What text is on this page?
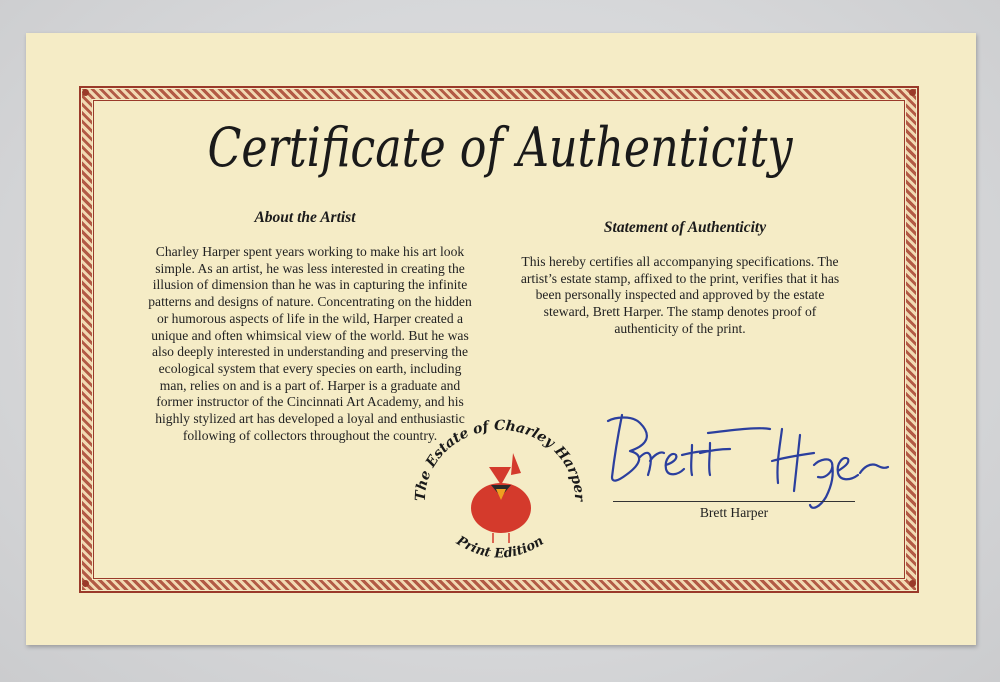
Certificate of Authenticity
About the Artist
Charley Harper spent years working to make his art look
simple. As an artist, he was less interested in creating the
illusion of dimension than he was in capturing the infinite
patterns and designs of nature. Concentrating on the hidden
or humorous aspects of life in the wild, Harper created a
unique and often whimsical view of the world. But he was
also deeply interested in understanding and preserving the
ecological system that every species on earth, including
man, relies on and is a part of. Harper is a graduate and
former instructor of the Cincinnati Art Academy, and his
highly stylized art has developed a loyal and enthusiastic
following of collectors throughout the country.
Statement of Authenticity
This hereby certifies all accompanying specifications. The
artist’s estate stamp, affixed to the print, verifies that it has
been personally inspected and approved by the estate
steward, Brett Harper. The stamp denotes proof of
authenticity of the print.
Brett Harper
The Estate of Charley Harper
Print Edition
